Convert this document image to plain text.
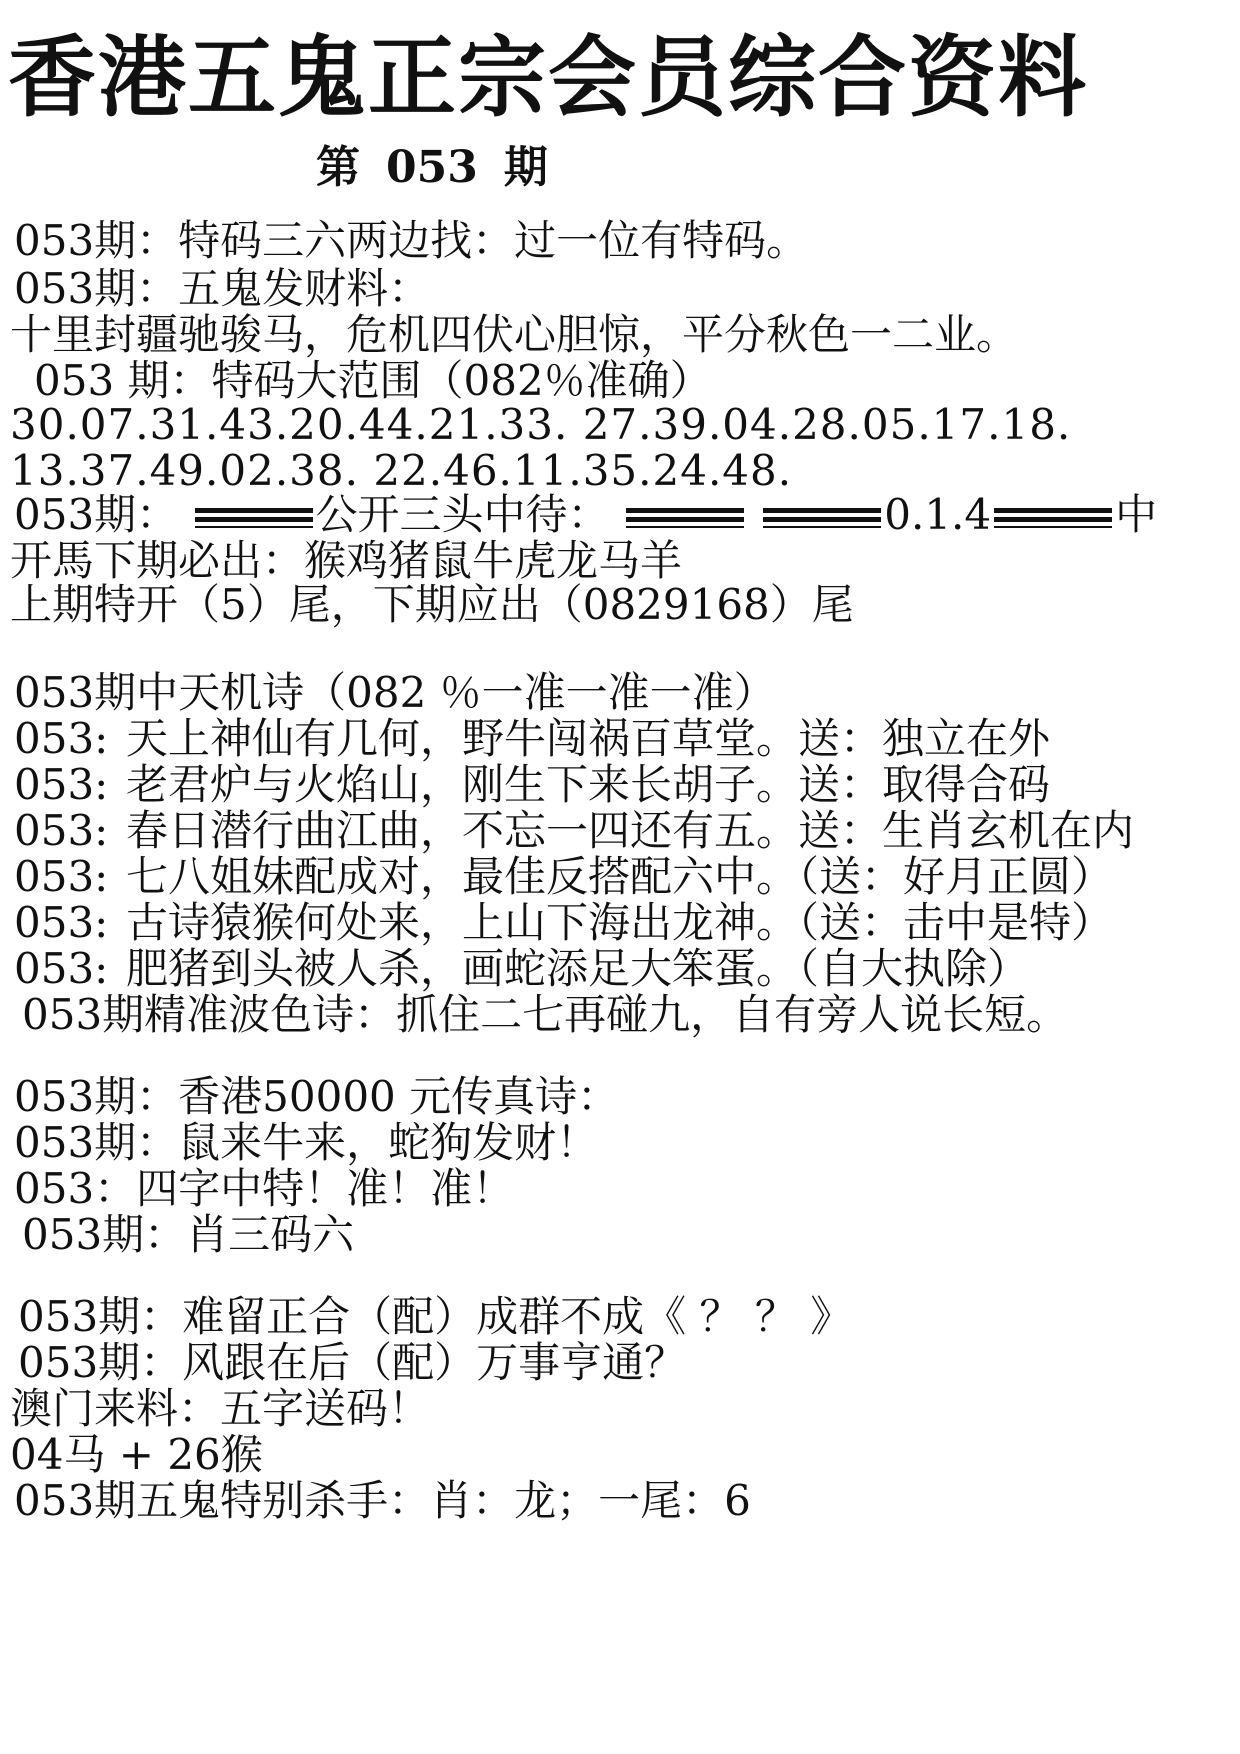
香港五鬼正宗会员综合资料
第 053 期
053期：特码三六两边找：过一位有特码。
053期：五鬼发财料：
十里封疆驰骏马，危机四伏心胆惊，平分秋色一二业。
053 期：特码大范围（082％准确）
30.07.31.43.20.44.21.33. 27.39.04.28.05.17.18.
13.37.49.02.38. 22.46.11.35.24.48.
053期：	公开三头中待：	0.1.4	中
开馬下期必出：猴鸡猪鼠牛虎龙马羊
上期特开（5）尾，下期应出（0829168）尾
053期中天机诗（082 ％一准一准一准）
053: 天上神仙有几何，野牛闯祸百草堂。送：独立在外
053: 老君炉与火焰山，刚生下来长胡子。送：取得合码
053: 春日潜行曲江曲，不忘一四还有五。送：生肖玄机在内
053: 七八姐妹配成对，最佳反搭配六中。（送：好月正圆）
053: 古诗猿猴何处来，上山下海出龙神。（送：击中是特）
053: 肥猪到头被人杀，画蛇添足大笨蛋。（自大执除）
053期精准波色诗：抓住二七再碰九，自有旁人说长短。
053期：香港50000 元传真诗：
053期：鼠来牛来，蛇狗发财！
053：四字中特！准！准！
053期：肖三码六
053期：难留正合（配）成群不成《 ？ ？ 》
053期：风跟在后（配）万事亨通？
澳门来料：五字送码！
04马 + 26猴
053期五鬼特别杀手：肖：龙；一尾：6
